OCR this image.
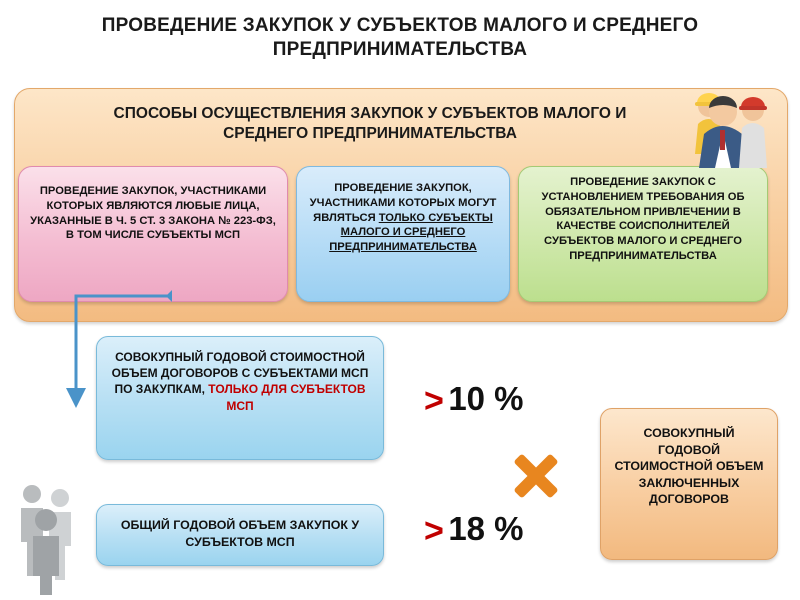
ПРОВЕДЕНИЕ ЗАКУПОК У СУБЪЕКТОВ МАЛОГО И СРЕДНЕГО ПРЕДПРИНИМАТЕЛЬСТВА
СПОСОБЫ ОСУЩЕСТВЛЕНИЯ ЗАКУПОК У СУБЪЕКТОВ МАЛОГО И СРЕДНЕГО ПРЕДПРИНИМАТЕЛЬСТВА
ПРОВЕДЕНИЕ ЗАКУПОК, УЧАСТНИКАМИ КОТОРЫХ ЯВЛЯЮТСЯ ЛЮБЫЕ ЛИЦА, УКАЗАННЫЕ В Ч. 5 СТ. 3 ЗАКОНА № 223-ФЗ, В ТОМ ЧИСЛЕ СУБЪЕКТЫ МСП
ПРОВЕДЕНИЕ ЗАКУПОК, УЧАСТНИКАМИ КОТОРЫХ МОГУТ ЯВЛЯТЬСЯ ТОЛЬКО СУБЪЕКТЫ МАЛОГО И СРЕДНЕГО ПРЕДПРИНИМАТЕЛЬСТВА
ПРОВЕДЕНИЕ ЗАКУПОК С УСТАНОВЛЕНИЕМ ТРЕБОВАНИЯ ОБ ОБЯЗАТЕЛЬНОМ ПРИВЛЕЧЕНИИ В КАЧЕСТВЕ СОИСПОЛНИТЕЛЕЙ СУБЪЕКТОВ МАЛОГО И СРЕДНЕГО ПРЕДПРИНИМАТЕЛЬСТВА
СОВОКУПНЫЙ ГОДОВОЙ СТОИМОСТНОЙ ОБЪЕМ ДОГОВОРОВ С СУБЪЕКТАМИ МСП ПО ЗАКУПКАМ, ТОЛЬКО ДЛЯ СУБЪЕКТОВ МСП
ОБЩИЙ ГОДОВОЙ ОБЪЕМ ЗАКУПОК У СУБЪЕКТОВ МСП
СОВОКУПНЫЙ ГОДОВОЙ СТОИМОСТНОЙ ОБЪЕМ ЗАКЛЮЧЕННЫХ ДОГОВОРОВ
> 10 %
> 18 %
